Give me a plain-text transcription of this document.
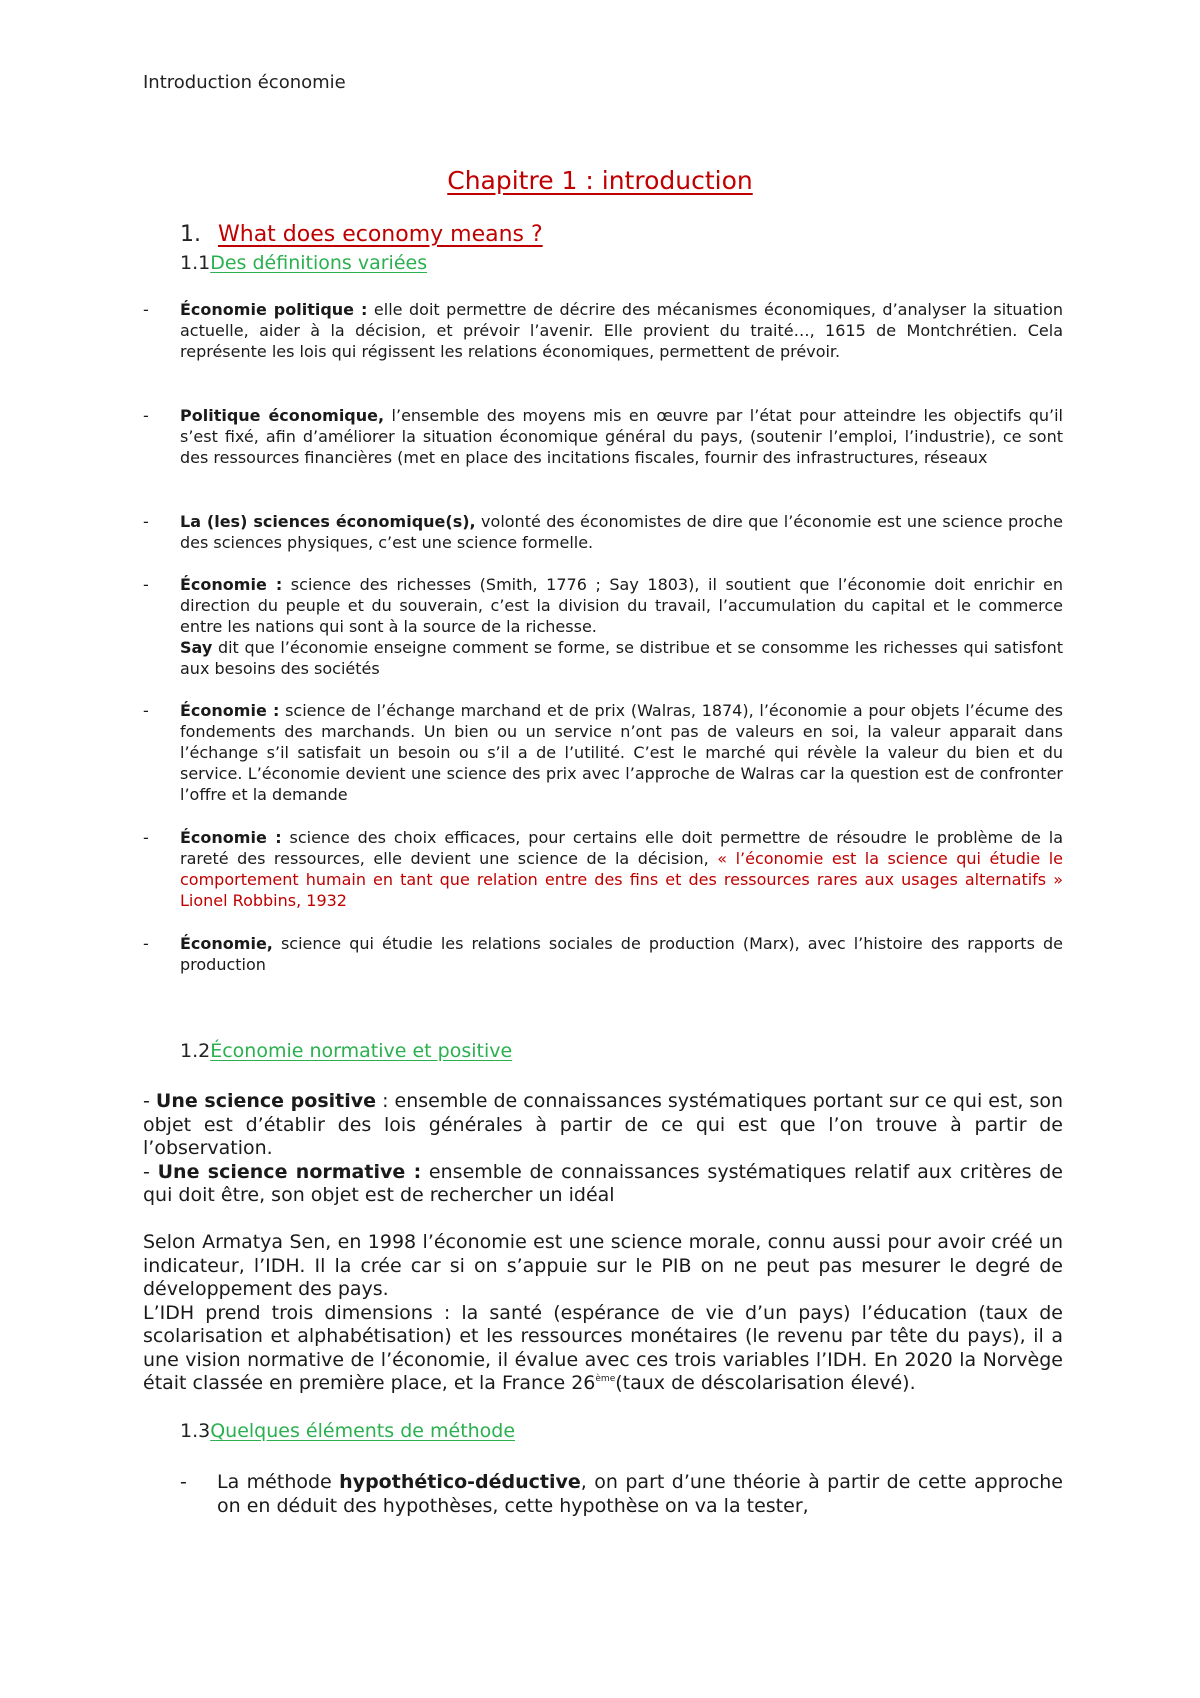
Introduction économie
Chapitre 1 : introduction
1. What does economy means ?
1.1Des définitions variées
- Économie politique : elle doit permettre de décrire des mécanismes économiques, d’analyser la situation actuelle, aider à la décision, et prévoir l’avenir. Elle provient du traité…, 1615 de Montchrétien. Cela représente les lois qui régissent les relations économiques, permettent de prévoir.
- Politique économique, l’ensemble des moyens mis en œuvre par l’état pour atteindre les objectifs qu’il s’est fixé, afin d’améliorer la situation économique général du pays, (soutenir l’emploi, l’industrie), ce sont des ressources financières (met en place des incitations fiscales, fournir des infrastructures, réseaux
- La (les) sciences économique(s), volonté des économistes de dire que l’économie est une science proche des sciences physiques, c’est une science formelle.
- Économie : science des richesses (Smith, 1776 ; Say 1803), il soutient que l’économie doit enrichir en direction du peuple et du souverain, c’est la division du travail, l’accumulation du capital et le commerce entre les nations qui sont à la source de la richesse.
Say dit que l’économie enseigne comment se forme, se distribue et se consomme les richesses qui satisfont aux besoins des sociétés
- Économie : science de l’échange marchand et de prix (Walras, 1874), l’économie a pour objets l’écume des fondements des marchands. Un bien ou un service n’ont pas de valeurs en soi, la valeur apparait dans l’échange s’il satisfait un besoin ou s’il a de l’utilité. C’est le marché qui révèle la valeur du bien et du service. L’économie devient une science des prix avec l’approche de Walras car la question est de confronter l’offre et la demande
- Économie : science des choix efficaces, pour certains elle doit permettre de résoudre le problème de la rareté des ressources, elle devient une science de la décision, « l’économie est la science qui étudie le comportement humain en tant que relation entre des fins et des ressources rares aux usages alternatifs » Lionel Robbins, 1932
- Économie, science qui étudie les relations sociales de production (Marx), avec l’histoire des rapports de production
1.2Économie normative et positive
- Une science positive : ensemble de connaissances systématiques portant sur ce qui est, son objet est d’établir des lois générales à partir de ce qui est que l’on trouve à partir de l’observation.
- Une science normative : ensemble de connaissances systématiques relatif aux critères de qui doit être, son objet est de rechercher un idéal
Selon Armatya Sen, en 1998 l’économie est une science morale, connu aussi pour avoir créé un indicateur, l’IDH. Il la crée car si on s’appuie sur le PIB on ne peut pas mesurer le degré de développement des pays.
L’IDH prend trois dimensions : la santé (espérance de vie d’un pays) l’éducation (taux de scolarisation et alphabétisation) et les ressources monétaires (le revenu par tête du pays), il a une vision normative de l’économie, il évalue avec ces trois variables l’IDH. En 2020 la Norvège était classée en première place, et la France 26ème(taux de déscolarisation élevé).
1.3Quelques éléments de méthode
- La méthode hypothético-déductive, on part d’une théorie à partir de cette approche on en déduit des hypothèses, cette hypothèse on va la tester,
